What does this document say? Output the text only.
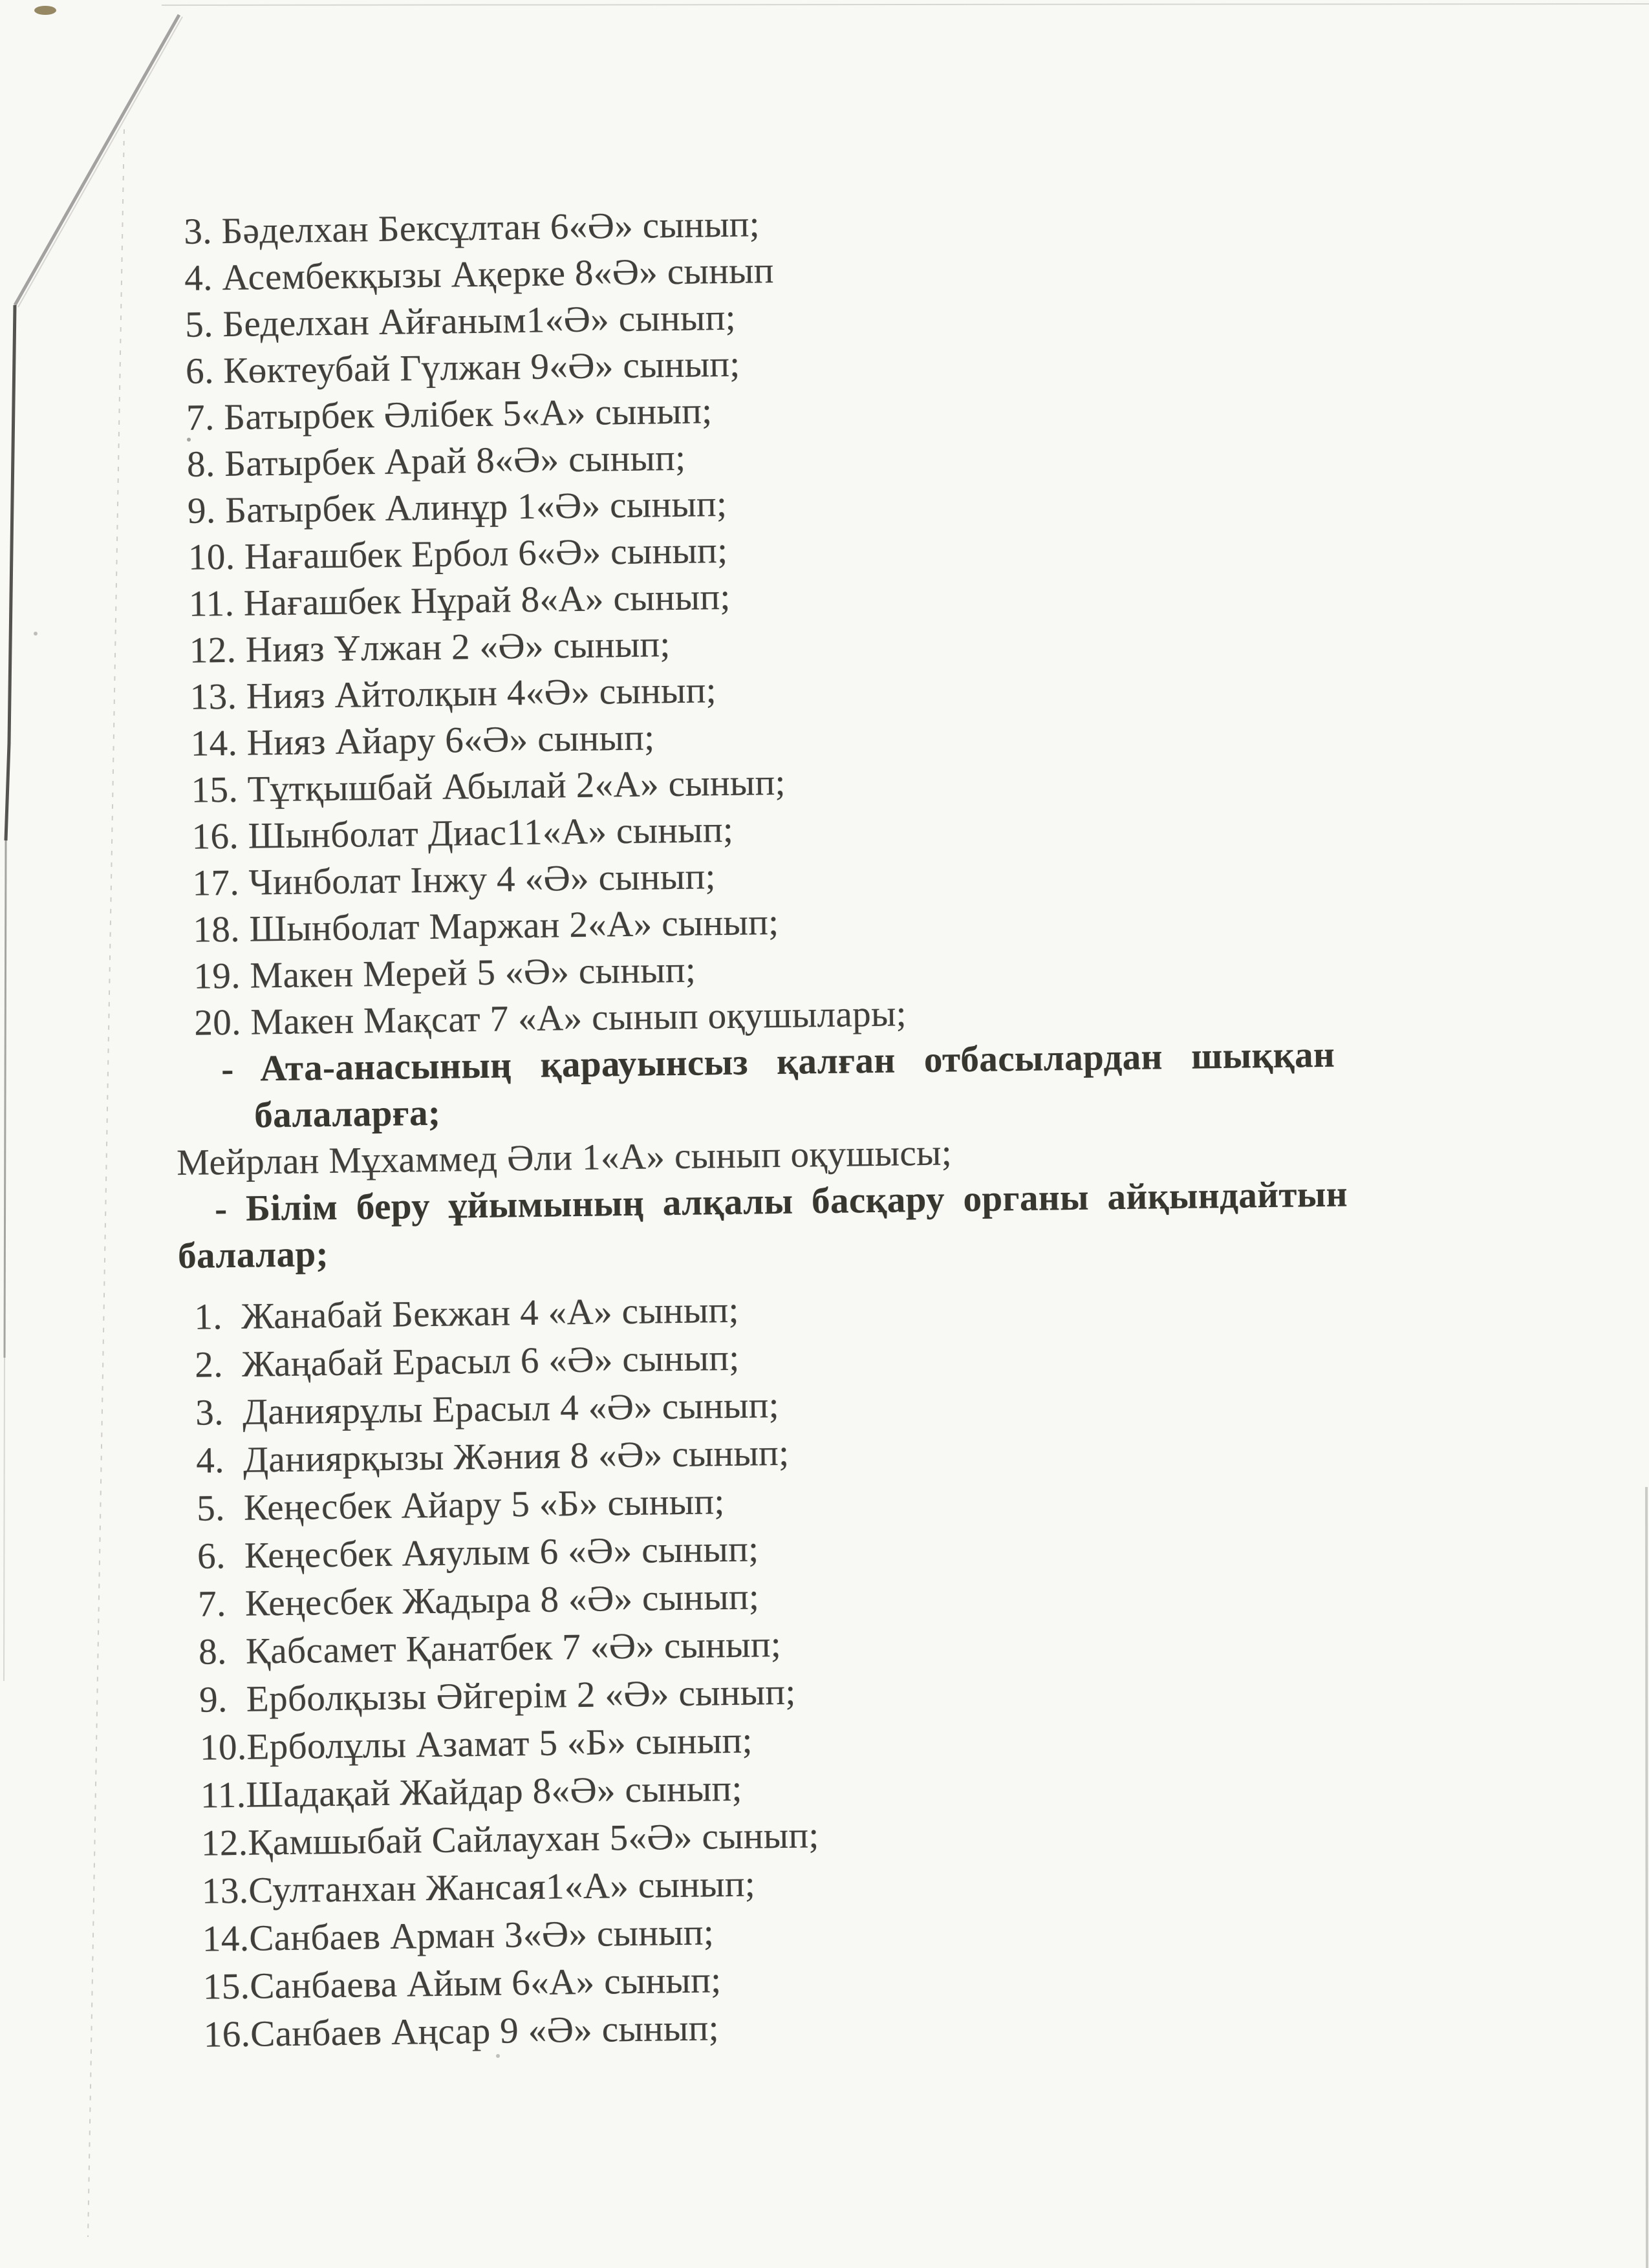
3. Бәделхан Бексұлтан 6«Ә» сынып;
4. Асембекқызы Ақерке 8«Ә» сынып
5. Беделхан Айғаным1«Ә» сынып;
6. Көктеубай Гүлжан 9«Ә» сынып;
7. Батырбек Әлібек 5«А» сынып;
8. Батырбек Арай 8«Ә» сынып;
9. Батырбек Алинұр 1«Ә» сынып;
10. Нағашбек Ербол 6«Ә» сынып;
11. Нағашбек Нұрай 8«А» сынып;
12. Нияз Ұлжан 2 «Ә» сынып;
13. Нияз Айтолқын 4«Ә» сынып;
14. Нияз Айару 6«Ә» сынып;
15. Тұтқышбай Абылай 2«А» сынып;
16. Шынболат Диас11«А» сынып;
17. Чинболат Інжу 4 «Ә» сынып;
18. Шынболат Маржан 2«А» сынып;
19. Макен Мерей 5 «Ә» сынып;
20. Макен Мақсат 7 «А» сынып оқушылары;
- Ата-анасының қарауынсыз қалған отбасылардан шыққан
балаларға;
Мейрлан Мұхаммед Әли 1«А» сынып оқушысы;
- Білім беру ұйымының алқалы басқару органы айқындайтын
балалар;
1.  Жанабай Бекжан 4 «А» сынып;
2.  Жаңабай Ерасыл 6 «Ә» сынып;
3.  Даниярұлы Ерасыл 4 «Ә» сынып;
4.  Даниярқызы Жәния 8 «Ә» сынып;
5.  Кеңесбек Айару 5 «Б» сынып;
6.  Кеңесбек Аяулым 6 «Ә» сынып;
7.  Кеңесбек Жадыра 8 «Ә» сынып;
8.  Қабсамет Қанатбек 7 «Ә» сынып;
9.  Ерболқызы Әйгерім 2 «Ә» сынып;
10.Ерболұлы Азамат 5 «Б» сынып;
11.Шадақай Жайдар 8«Ә» сынып;
12.Қамшыбай Сайлаухан 5«Ә» сынып;
13.Султанхан Жансая1«А» сынып;
14.Санбаев Арман 3«Ә» сынып;
15.Санбаева Айым 6«А» сынып;
16.Санбаев Аңсар 9 «Ә» сынып;
